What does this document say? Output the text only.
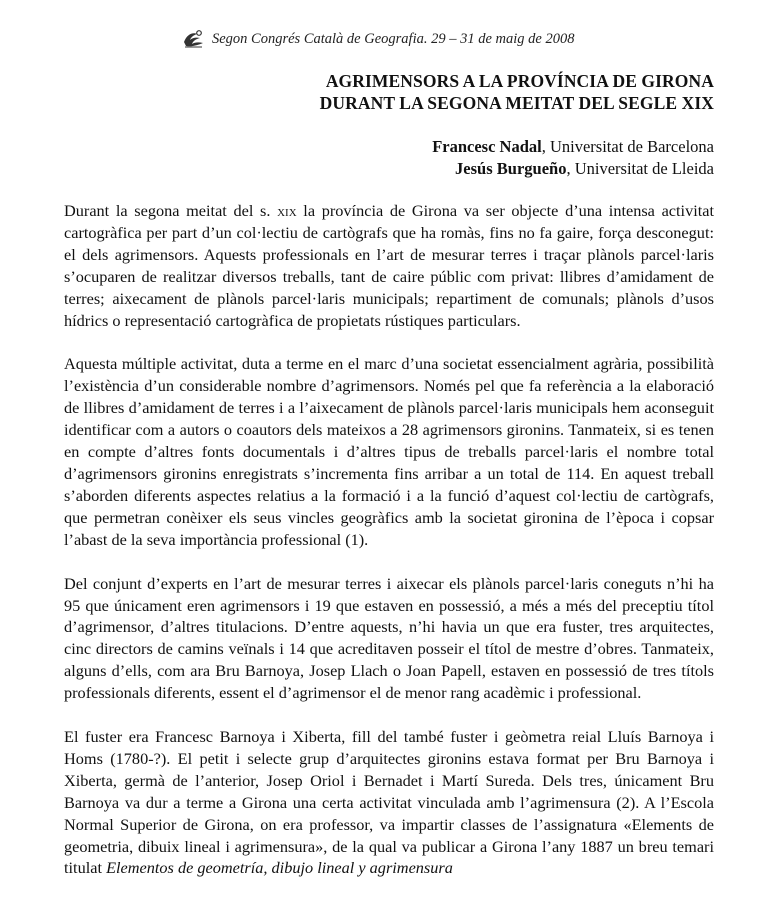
Segon Congrés Català de Geografia. 29 – 31 de maig de 2008
AGRIMENSORS A LA PROVÍNCIA DE GIRONA
DURANT LA SEGONA MEITAT DEL SEGLE XIX
Francesc Nadal, Universitat de Barcelona
Jesús Burgueño, Universitat de Lleida

Durant la segona meitat del s. xix la província de Girona va ser objecte d’una intensa activitat cartogràfica per part d’un col·lectiu de cartògrafs que ha romàs, fins no fa gaire, força desconegut: el dels agrimensors. Aquests professionals en l’art de mesurar terres i traçar plànols parcel·laris s’ocuparen de realitzar diversos treballs, tant de caire públic com privat: llibres d’amidament de terres; aixecament de plànols parcel·laris municipals; repartiment de comunals; plànols d’usos hídrics o representació cartogràfica de propietats rústiques particulars.

Aquesta múltiple activitat, duta a terme en el marc d’una societat essencialment agrària, possibilità l’existència d’un considerable nombre d’agrimensors. Només pel que fa referència a la elaboració de llibres d’amidament de terres i a l’aixecament de plànols parcel·laris municipals hem aconseguit identificar com a autors o coautors dels mateixos a 28 agrimensors gironins. Tanmateix, si es tenen en compte d’altres fonts documentals i d’altres tipus de treballs parcel·laris el nombre total d’agrimensors gironins enregistrats s’incrementa fins arribar a un total de 114. En aquest treball s’aborden diferents aspectes relatius a la formació i a la funció d’aquest col·lectiu de cartògrafs, que permetran conèixer els seus vincles geogràfics amb la societat gironina de l’època i copsar l’abast de la seva importància professional (1).

Del conjunt d’experts en l’art de mesurar terres i aixecar els plànols parcel·laris coneguts n’hi ha 95 que únicament eren agrimensors i 19 que estaven en possessió, a més a més del preceptiu títol d’agrimensor, d’altres titulacions. D’entre aquests, n’hi havia un que era fuster, tres arquitectes, cinc directors de camins veïnals i 14 que acreditaven posseir el títol de mestre d’obres. Tanmateix, alguns d’ells, com ara Bru Barnoya, Josep Llach o Joan Papell, estaven en possessió de tres títols professionals diferents, essent el d’agrimensor el de menor rang acadèmic i professional.

El fuster era Francesc Barnoya i Xiberta, fill del també fuster i geòmetra reial Lluís Barnoya i Homs (1780-?). El petit i selecte grup d’arquitectes gironins estava format per Bru Barnoya i Xiberta, germà de l’anterior, Josep Oriol i Bernadet i Martí Sureda. Dels tres, únicament Bru Barnoya va dur a terme a Girona una certa activitat vinculada amb l’agrimensura (2). A l’Escola Normal Superior de Girona, on era professor, va impartir classes de l’assignatura «Elements de geometria, dibuix lineal i agrimensura», de la qual va publicar a Girona l’any 1887 un breu temari titulat Elementos de geometría, dibujo lineal y agrimensura
